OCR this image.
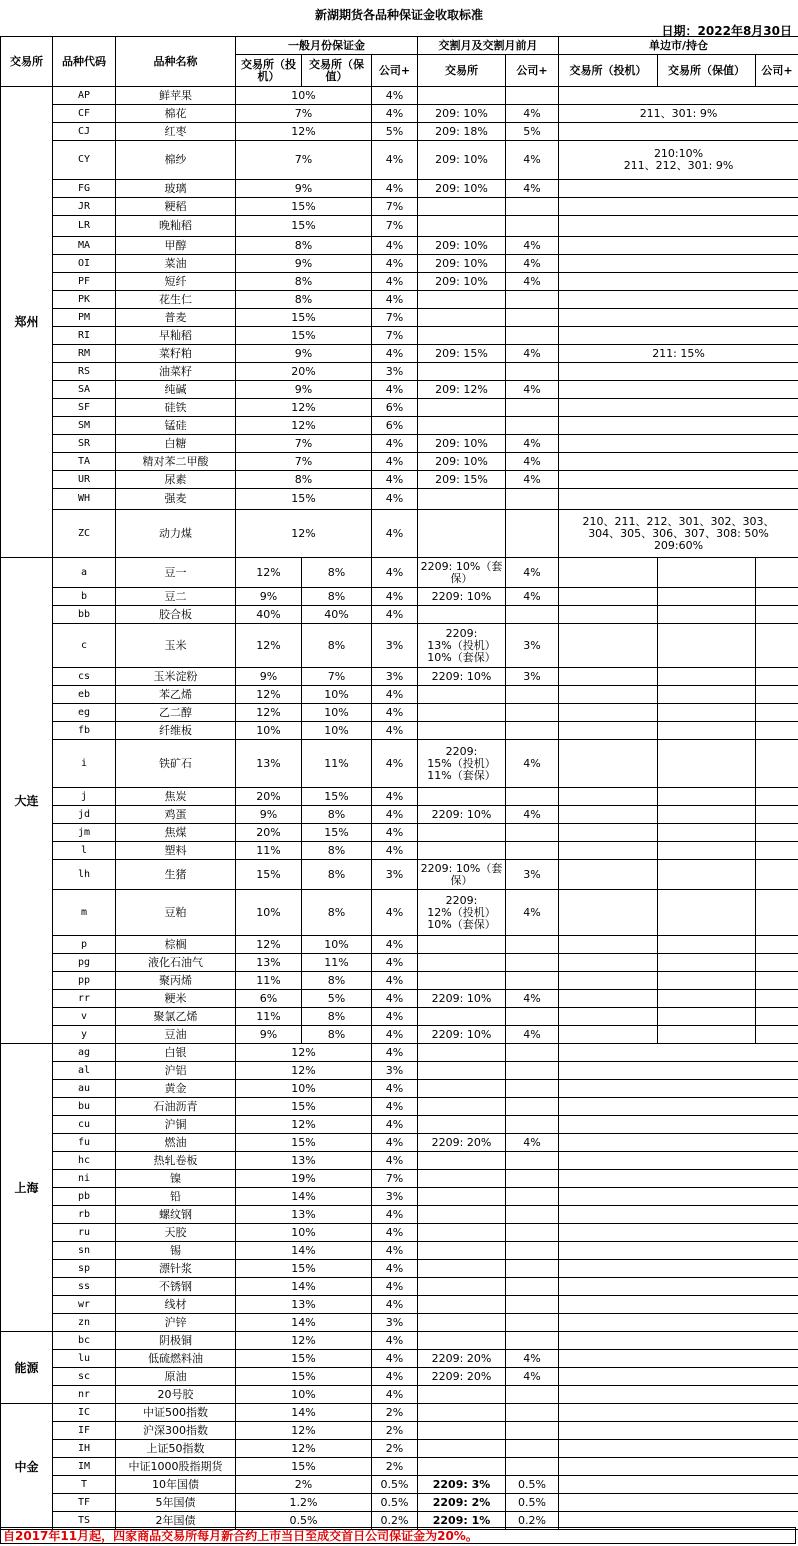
新湖期货各品种保证金收取标准
日期：2022年8月30日
交易所	品种代码	品种名称	一般月份保证金			交割月及交割月前月		单边市/持仓			
			交易所（投机）	交易所（保值）	公司+	交易所	公司+	交易所（投机）	交易所（保值）	公司+	
郑州	AP	鲜苹果	10%		4%						
	CF	棉花	7%		4%	209: 10%	4%	211、301: 9%	
	CJ	红枣	12%		5%	209: 18%	5%				
	CY	棉纱	7%		4%	209: 10%	4%	210:10%
211、212、301: 9%	
	FG	玻璃	9%		4%	209: 10%	4%				
	JR	粳稻	15%		7%						
	LR	晚籼稻	15%		7%						
	MA	甲醇	8%		4%	209: 10%	4%				
	OI	菜油	9%		4%	209: 10%	4%				
	PF	短纤	8%		4%	209: 10%	4%				
	PK	花生仁	8%		4%						
	PM	普麦	15%		7%						
	RI	早籼稻	15%		7%						
	RM	菜籽粕	9%		4%	209: 15%	4%	211: 15%	
	RS	油菜籽	20%		3%						
	SA	纯碱	9%		4%	209: 12%	4%				
	SF	硅铁	12%		6%						
	SM	锰硅	12%		6%						
	SR	白糖	7%		4%	209: 10%	4%				
	TA	精对苯二甲酸	7%		4%	209: 10%	4%				
	UR	尿素	8%		4%	209: 15%	4%				
	WH	强麦	15%		4%						
	ZC	动力煤	12%		4%			210、211、212、301、302、303、
304、305、306、307、308: 50%
209:60%	
大连	a	豆一	12%	8%	4%	2209: 10%（套
保）	4%				
	b	豆二	9%	8%	4%	2209: 10%	4%				
	bb	胶合板	40%	40%	4%						
	c	玉米	12%	8%	3%	2209:
13%（投机）
10%（套保）	3%				
	cs	玉米淀粉	9%	7%	3%	2209: 10%	3%				
	eb	苯乙烯	12%	10%	4%						
	eg	乙二醇	12%	10%	4%						
	fb	纤维板	10%	10%	4%						
	i	铁矿石	13%	11%	4%	2209:
15%（投机）
11%（套保）	4%				
	j	焦炭	20%	15%	4%						
	jd	鸡蛋	9%	8%	4%	2209: 10%	4%				
	jm	焦煤	20%	15%	4%						
	l	塑料	11%	8%	4%						
	lh	生猪	15%	8%	3%	2209: 10%（套
保）	3%				
	m	豆粕	10%	8%	4%	2209:
12%（投机）
10%（套保）	4%				
	p	棕榈	12%	10%	4%						
	pg	液化石油气	13%	11%	4%						
	pp	聚丙烯	11%	8%	4%						
	rr	粳米	6%	5%	4%	2209: 10%	4%				
	v	聚氯乙烯	11%	8%	4%						
	y	豆油	9%	8%	4%	2209: 10%	4%				
上海	ag	白银	12%		4%						
	al	沪铝	12%		3%						
	au	黄金	10%		4%						
	bu	石油沥青	15%		4%						
	cu	沪铜	12%		4%						
	fu	燃油	15%		4%	2209: 20%	4%				
	hc	热轧卷板	13%		4%						
	ni	镍	19%		7%						
	pb	铅	14%		3%						
	rb	螺纹钢	13%		4%						
	ru	天胶	10%		4%						
	sn	锡	14%		4%						
	sp	漂针浆	15%		4%						
	ss	不锈钢	14%		4%						
	wr	线材	13%		4%						
	zn	沪锌	14%		3%						
能源	bc	阴极铜	12%		4%						
	lu	低硫燃料油	15%		4%	2209: 20%	4%				
	sc	原油	15%		4%	2209: 20%	4%				
	nr	20号胶	10%		4%						
中金	IC	中证500指数	14%		2%						
	IF	沪深300指数	12%		2%						
	IH	上证50指数	12%		2%						
	IM	中证1000股指期货	15%		2%						
	T	10年国债	2%		0.5%	2209: 3%	0.5%				
	TF	5年国债	1.2%		0.5%	2209: 2%	0.5%				
	TS	2年国债	0.5%		0.2%	2209: 1%	0.2%				
自2017年11月起，四家商品交易所每月新合约上市当日至成交首日公司保证金为20%。
